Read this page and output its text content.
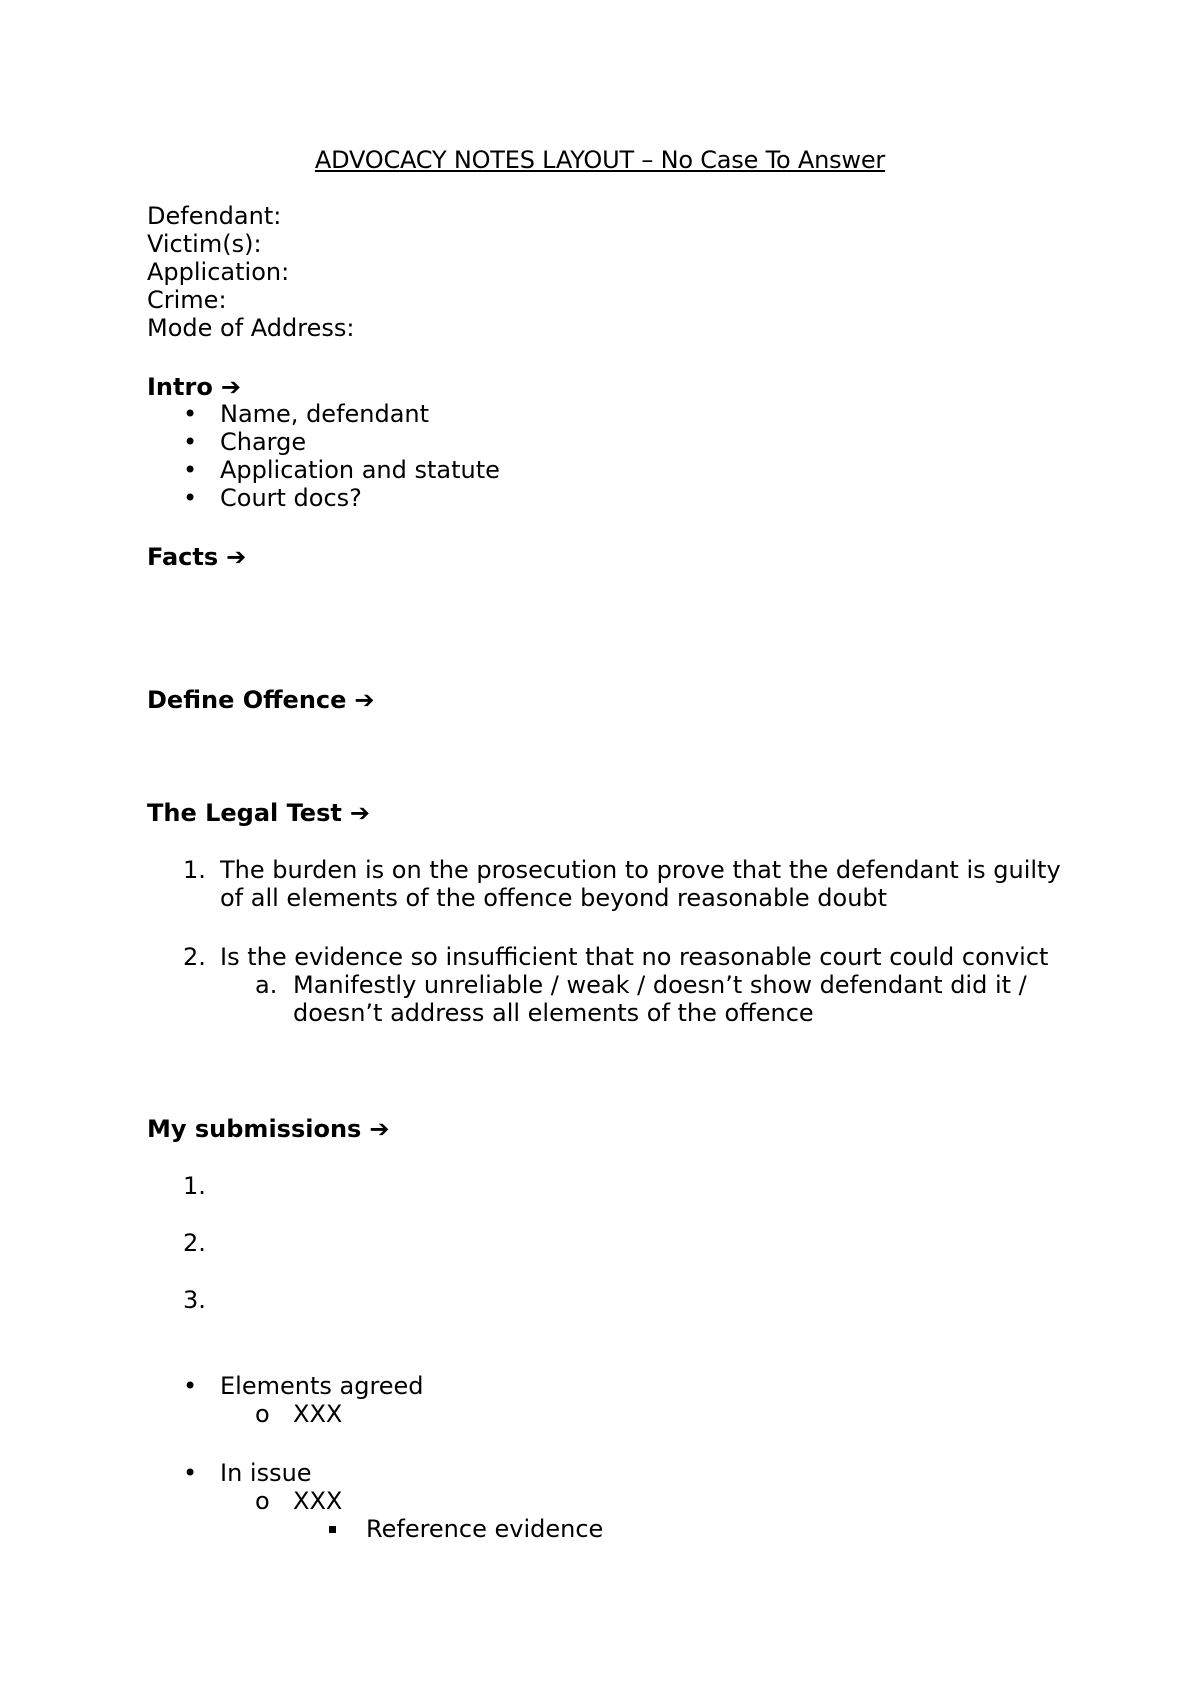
ADVOCACY NOTES LAYOUT – No Case To Answer
Defendant:
Victim(s):
Application:
Crime:
Mode of Address:
Intro ➔
• Name, defendant
• Charge
• Application and statute
• Court docs?
Facts ➔
Define Offence ➔
The Legal Test ➔
1. The burden is on the prosecution to prove that the defendant is guilty of all elements of the offence beyond reasonable doubt
2. Is the evidence so insufficient that no reasonable court could convict
a. Manifestly unreliable / weak / doesn’t show defendant did it / doesn’t address all elements of the offence
My submissions ➔
1.
2.
3.
• Elements agreed
o XXX
• In issue
o XXX
Reference evidence
